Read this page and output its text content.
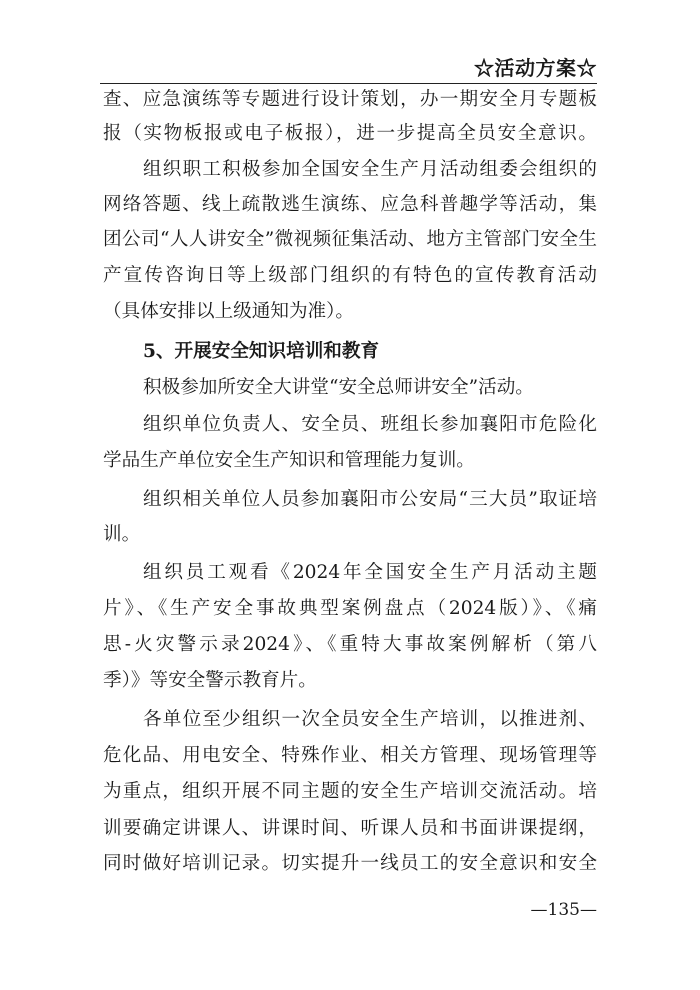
☆活动方案☆
查、应急演练等专题进行设计策划，办一期安全月专题板
报（实物板报或电子板报），进一步提高全员安全意识。
组织职工积极参加全国安全生产月活动组委会组织的
网络答题、线上疏散逃生演练、应急科普趣学等活动，集
团公司“人人讲安全”微视频征集活动、地方主管部门安全生
产宣传咨询日等上级部门组织的有特色的宣传教育活动
（具体安排以上级通知为准）。
5、开展安全知识培训和教育
积极参加所安全大讲堂“安全总师讲安全”活动。
组织单位负责人、安全员、班组长参加襄阳市危险化
学品生产单位安全生产知识和管理能力复训。
组织相关单位人员参加襄阳市公安局“三大员”取证培
训。
组织员工观看《2024年全国安全生产月活动主题
片》、《生产安全事故典型案例盘点（2024版）》、《痛
思-火灾警示录2024》、《重特大事故案例解析（第八
季）》等安全警示教育片。
各单位至少组织一次全员安全生产培训，以推进剂、
危化品、用电安全、特殊作业、相关方管理、现场管理等
为重点，组织开展不同主题的安全生产培训交流活动。培
训要确定讲课人、讲课时间、听课人员和书面讲课提纲，
同时做好培训记录。切实提升一线员工的安全意识和安全
—135—
